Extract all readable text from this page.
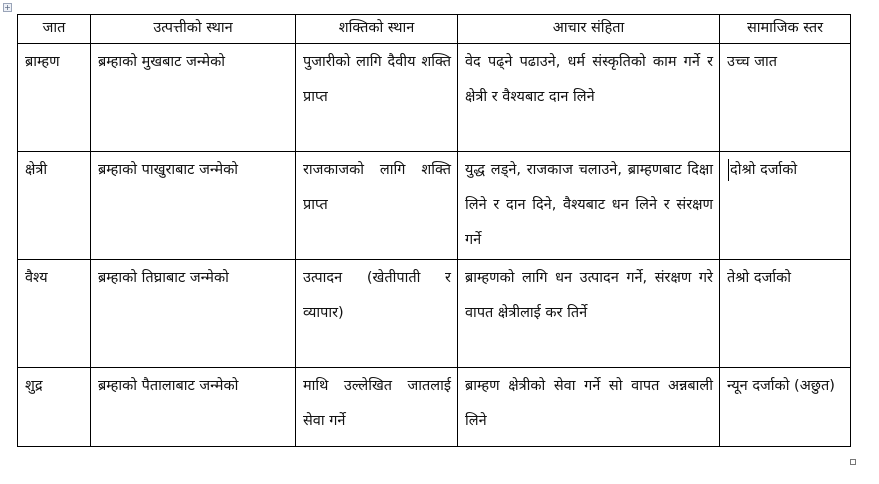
+
जात	उत्पत्तीको स्थान	शक्तिको स्थान	आचार संहिता	सामाजिक स्तर
ब्राम्हण	ब्रम्हाको मुखबाट जन्मेको	पुजारीको लागि दैवीय शक्ति प्राप्त	वेद पढ्ने पढाउने, धर्म संस्कृतिको काम गर्ने र क्षेत्री र वैश्यबाट दान लिने	उच्च जात
क्षेत्री	ब्रम्हाको पाखुराबाट जन्मेको	राजकाजको लागि शक्ति प्राप्त	युद्ध लड्ने, राजकाज चलाउने, ब्राम्हणबाट दिक्षा लिने र दान दिने, वैश्यबाट धन लिने र संरक्षण गर्ने	दोश्रो दर्जाको
वैश्य	ब्रम्हाको तिघ्राबाट जन्मेको	उत्पादन (खेतीपाती र व्यापार)	ब्राम्हणको लागि धन उत्पादन गर्ने, संरक्षण गरे वापत क्षेत्रीलाई कर तिर्ने	तेश्रो दर्जाको
शुद्र	ब्रम्हाको पैतालाबाट जन्मेको	माथि उल्लेखित जातलाई सेवा गर्ने	ब्राम्हण क्षेत्रीको सेवा गर्ने सो वापत अन्नबाली लिने	न्यून दर्जाको (अछुत)
